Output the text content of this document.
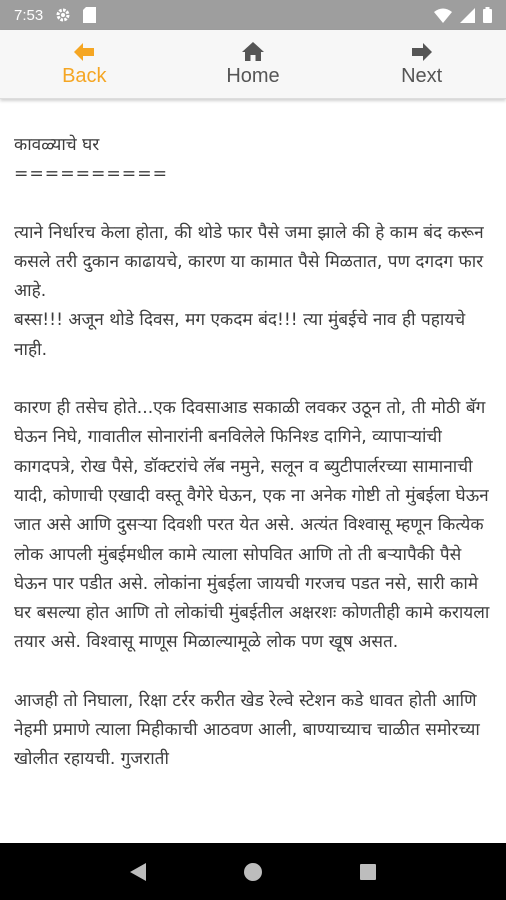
7:53
Back	Home	Next
कावळ्याचे घर
==========

त्याने निर्धारच केला होता, की थोडे फार पैसे जमा झाले की हे काम बंद करून कसले तरी दुकान काढायचे, कारण या कामात पैसे मिळतात, पण दगदग फार आहे.
बस्स!!! अजून थोडे दिवस, मग एकदम बंद!!! त्या मुंबईचे नाव ही पहायचे नाही.

कारण ही तसेच होते...एक दिवसाआड सकाळी लवकर उठून तो, ती मोठी बॅग घेऊन निघे, गावातील सोनारांनी बनविलेले फिनिश्ड दागिने, व्यापाऱ्यांची कागदपत्रे, रोख पैसे, डॉक्टरांचे लॅब नमुने, सलून व ब्युटीपार्लरच्या सामानाची यादी, कोणाची एखादी वस्तू वैगेरे घेऊन, एक ना अनेक गोष्टी तो मुंबईला घेऊन जात असे आणि दुसऱ्या दिवशी परत येत असे. अत्यंत विश्वासू म्हणून कित्येक लोक आपली मुंबईमधील कामे त्याला सोपवित आणि तो ती बऱ्यापैकी पैसे घेऊन पार पडीत असे. लोकांना मुंबईला जायची गरजच पडत नसे, सारी कामे घर बसल्या होत आणि तो लोकांची मुंबईतील अक्षरशः कोणतीही कामे करायला तयार असे. विश्वासू माणूस मिळाल्यामूळे लोक पण खूष असत.

आजही तो निघाला, रिक्षा टर्रर करीत खेड रेल्वे स्टेशन कडे धावत होती आणि नेहमी प्रमाणे त्याला मिहीकाची आठवण आली, बाण्याच्याच चाळीत समोरच्या खोलीत रहायची. गुजराती
